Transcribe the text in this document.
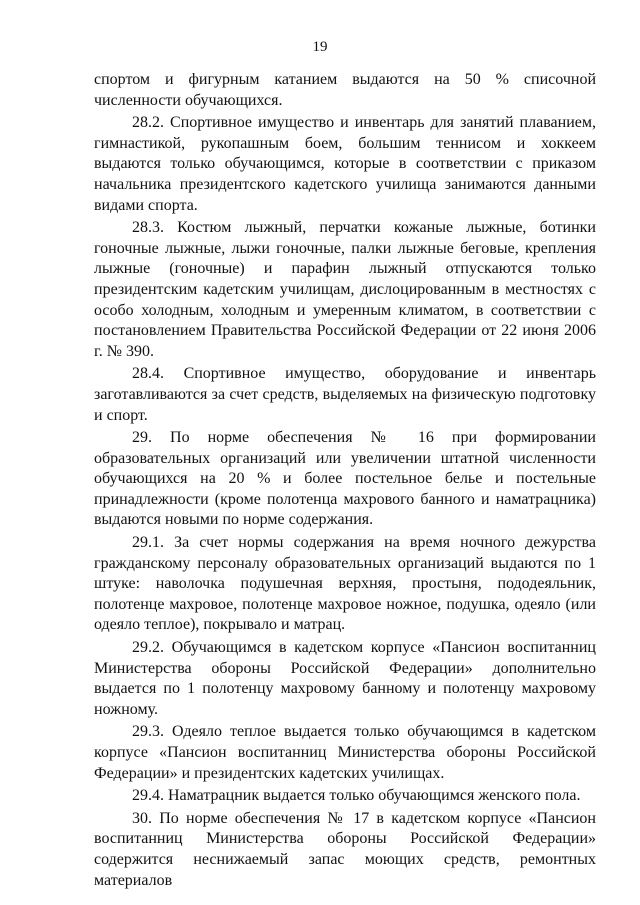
19

спортом и фигурным катанием выдаются на 50 % списочной численности обучающихся.

28.2. Спортивное имущество и инвентарь для занятий плаванием, гимнастикой, рукопашным боем, большим теннисом и хоккеем выдаются только обучающимся, которые в соответствии с приказом начальника президентского кадетского училища занимаются данными видами спорта.

28.3. Костюм лыжный, перчатки кожаные лыжные, ботинки гоночные лыжные, лыжи гоночные, палки лыжные беговые, крепления лыжные (гоночные) и парафин лыжный отпускаются только президентским кадетским училищам, дислоцированным в местностях с особо холодным, холодным и умеренным климатом, в соответствии с постановлением Правительства Российской Федерации от 22 июня 2006 г. № 390.

28.4. Спортивное имущество, оборудование и инвентарь заготавливаются за счет средств, выделяемых на физическую подготовку и спорт.

29. По норме обеспечения № 16 при формировании образовательных организаций или увеличении штатной численности обучающихся на 20 % и более постельное белье и постельные принадлежности (кроме полотенца махрового банного и наматрацника) выдаются новыми по норме содержания.

29.1. За счет нормы содержания на время ночного дежурства гражданскому персоналу образовательных организаций выдаются по 1 штуке: наволочка подушечная верхняя, простыня, пододеяльник, полотенце махровое, полотенце махровое ножное, подушка, одеяло (или одеяло теплое), покрывало и матрац.

29.2. Обучающимся в кадетском корпусе «Пансион воспитанниц Министерства обороны Российской Федерации» дополнительно выдается по 1 полотенцу махровому банному и полотенцу махровому ножному.

29.3. Одеяло теплое выдается только обучающимся в кадетском корпусе «Пансион воспитанниц Министерства обороны Российской Федерации» и президентских кадетских училищах.

29.4. Наматрацник выдается только обучающимся женского пола.

30. По норме обеспечения № 17 в кадетском корпусе «Пансион воспитанниц Министерства обороны Российской Федерации» содержится неснижаемый запас моющих средств, ремонтных материалов
